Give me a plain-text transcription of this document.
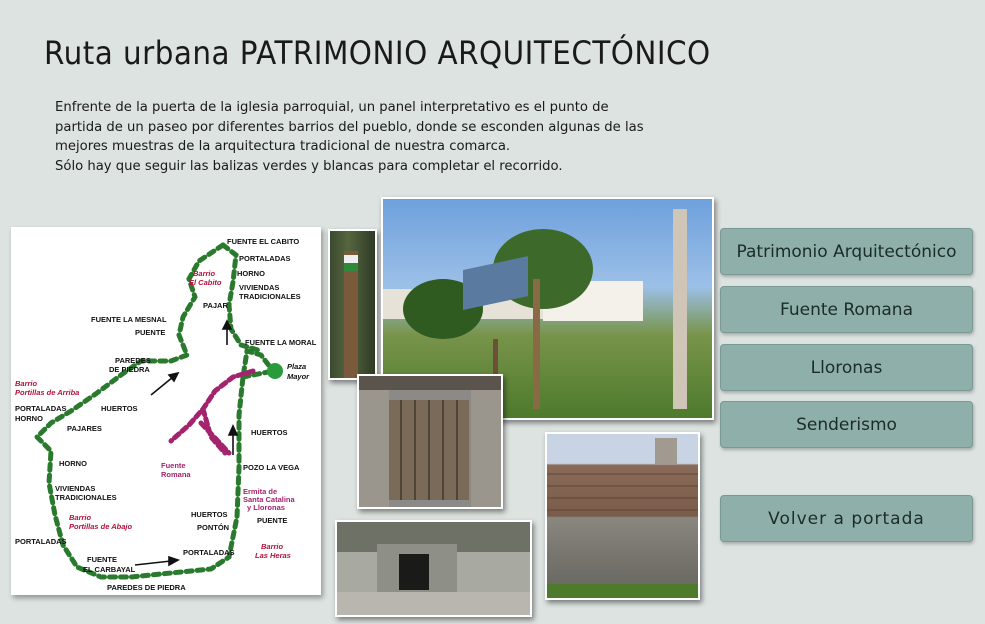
Ruta urbana PATRIMONIO ARQUITECTÓNICO

Enfrente de la puerta de la iglesia parroquial, un panel interpretativo es el punto de

partida de un paseo por diferentes barrios del pueblo, donde se esconden algunas de las

mejores muestras de la arquitectura tradicional de nuestra comarca.

Sólo hay que seguir las balizas verdes y blancas para completar el recorrido.

FUENTE EL CABITO
PORTALADAS
Barrio
El Cabito
HORNO
VIVIENDAS
TRADICIONALES
PAJAR
FUENTE LA MESNAL
PUENTE
FUENTE LA MORAL
Plaza
Mayor
PAREDES
DE PIEDRA
Barrio
Portillas de Arriba
PORTALADAS	HUERTOS
HORNO
PAJARES	HUERTOS
HORNO	Fuente
Romana
POZO LA VEGA
VIVIENDAS
TRADICIONALES
Ermita de
Santa Catalina
y Lloronas
Barrio
Portillas de Abajo
HUERTOS
PONTÓN
PUENTE
PORTALADAS
Barrio
Las Heras
PORTALADAS
FUENTE
EL CARBAYAL
PAREDES DE PIEDRA
Patrimonio Arquitectónico
Fuente Romana
Lloronas
Senderismo
Volver a portada
